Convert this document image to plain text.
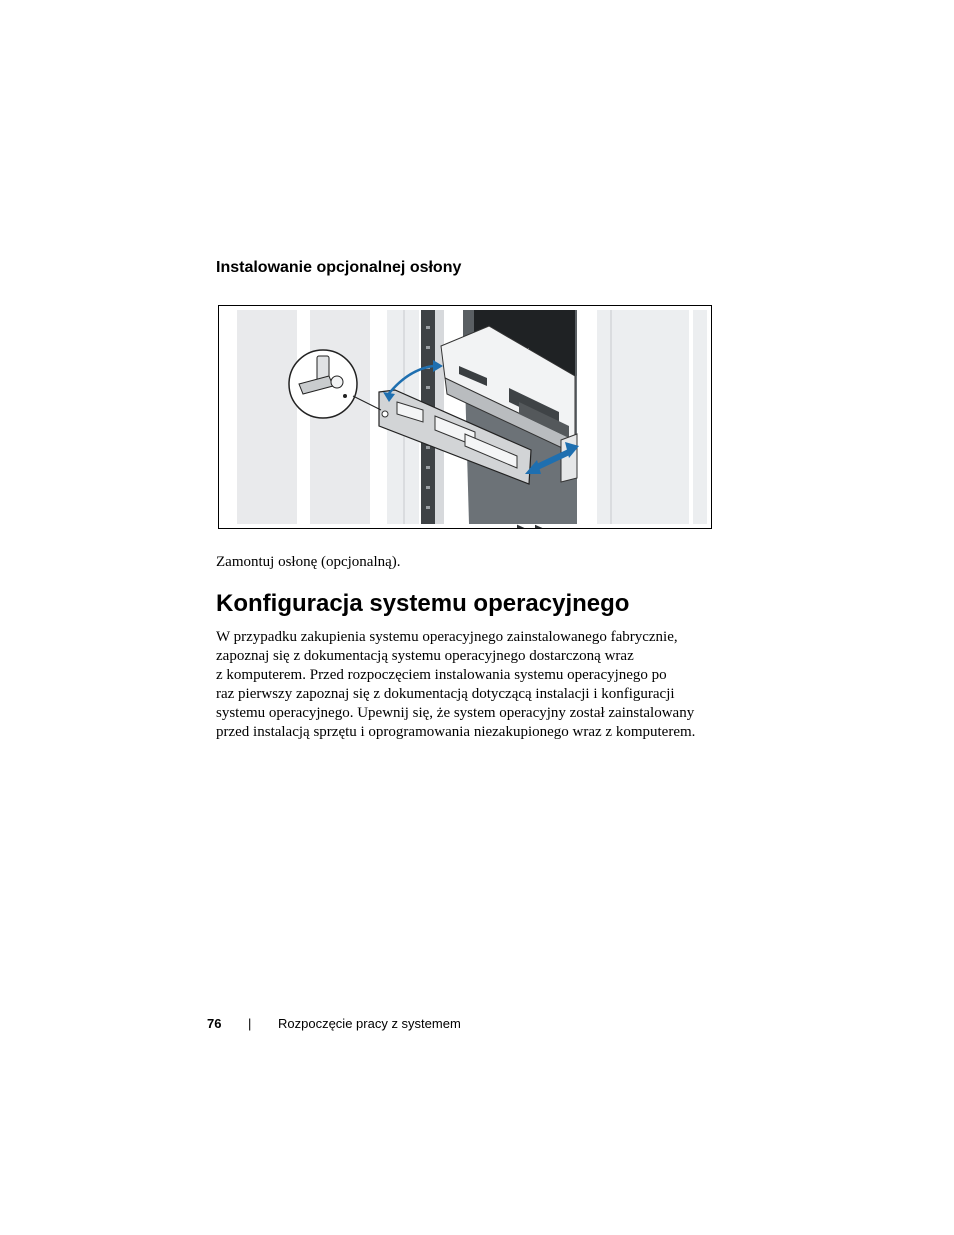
Instalowanie opcjonalnej osłony
Zamontuj osłonę (opcjonalną).
Konfiguracja systemu operacyjnego
W przypadku zakupienia systemu operacyjnego zainstalowanego fabrycznie,
zapoznaj się z dokumentacją systemu operacyjnego dostarczoną wraz
z komputerem. Przed rozpoczęciem instalowania systemu operacyjnego po
raz pierwszy zapoznaj się z dokumentacją dotyczącą instalacji i konfiguracji
systemu operacyjnego. Upewnij się, że system operacyjny został zainstalowany
przed instalacją sprzętu i oprogramowania niezakupionego wraz z komputerem.
76 | Rozpoczęcie pracy z systemem
